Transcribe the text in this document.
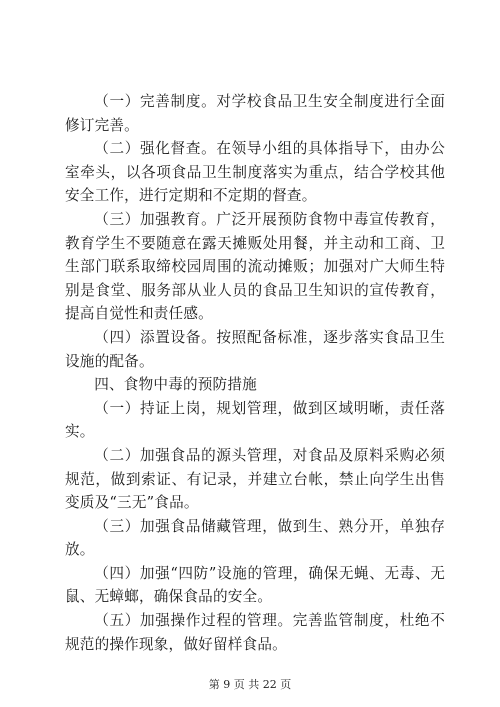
（一）完善制度。对学校食品卫生安全制度进行全面修订完善。

（二）强化督查。在领导小组的具体指导下，由办公室牵头，以各项食品卫生制度落实为重点，结合学校其他安全工作，进行定期和不定期的督查。

（三）加强教育。广泛开展预防食物中毒宣传教育，教育学生不要随意在露天摊贩处用餐，并主动和工商、卫生部门联系取缔校园周围的流动摊贩；加强对广大师生特别是食堂、服务部从业人员的食品卫生知识的宣传教育，提高自觉性和责任感。

（四）添置设备。按照配备标准，逐步落实食品卫生设施的配备。

四、食物中毒的预防措施

（一）持证上岗，规划管理，做到区域明晰，责任落实。

（二）加强食品的源头管理，对食品及原料采购必须规范，做到索证、有记录，并建立台帐，禁止向学生出售变质及“三无”食品。

（三）加强食品储藏管理，做到生、熟分开，单独存放。

（四）加强“四防”设施的管理，确保无蝇、无毒、无鼠、无蟑螂，确保食品的安全。

（五）加强操作过程的管理。完善监管制度，杜绝不规范的操作现象，做好留样食品。

第 9 页 共 22 页
